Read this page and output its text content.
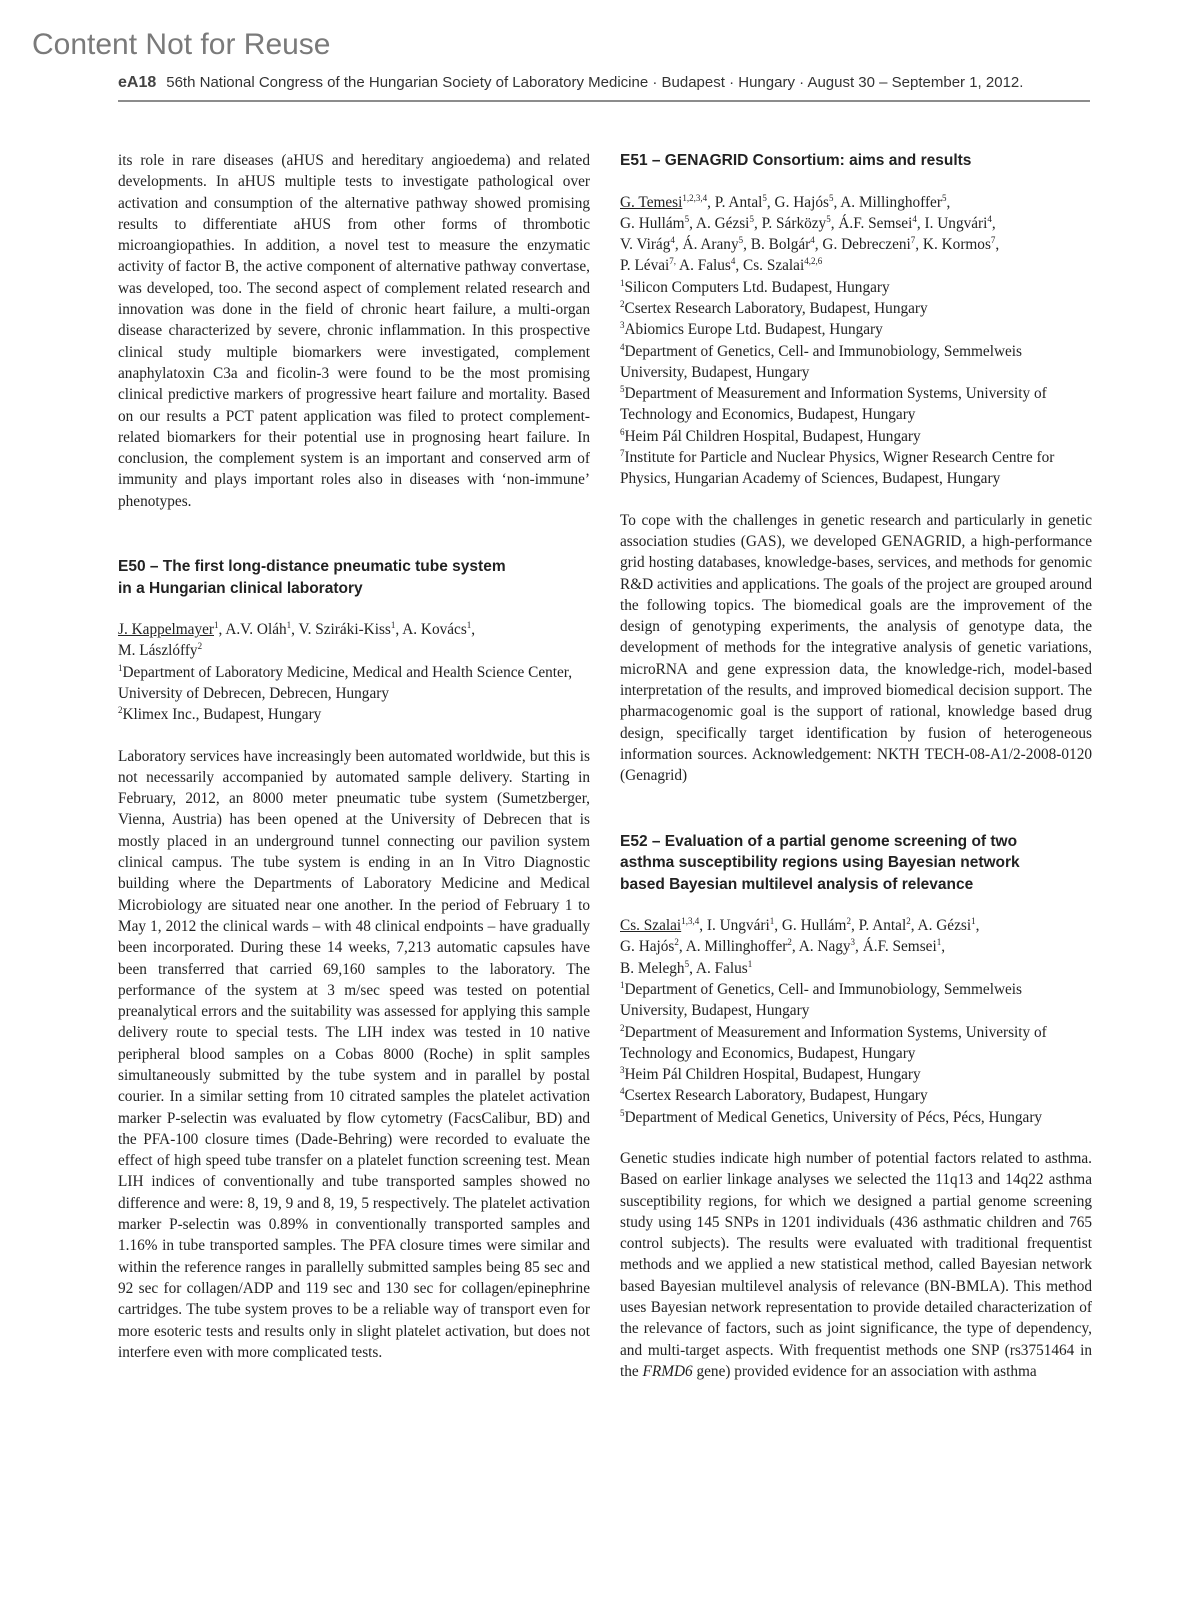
Content Not for Reuse
eA18 56th National Congress of the Hungarian Society of Laboratory Medicine · Budapest · Hungary · August 30 – September 1, 2012.

its role in rare diseases (aHUS and hereditary angioedema) and related developments. In aHUS multiple tests to investigate pathological over activation and consumption of the alternative pathway showed promising results to differentiate aHUS from other forms of thrombotic microangiopathies. In addition, a novel test to measure the enzymatic activity of factor B, the active component of alternative pathway convertase, was developed, too. The second aspect of complement related research and innovation was done in the field of chronic heart failure, a multi-organ disease characterized by severe, chronic inflammation. In this prospective clinical study multiple biomarkers were investigated, complement anaphylatoxin C3a and ficolin-3 were found to be the most promising clinical predictive markers of progressive heart failure and mortality. Based on our results a PCT patent application was filed to protect complement-related biomarkers for their potential use in prognosing heart failure. In conclusion, the complement system is an important and conserved arm of immunity and plays important roles also in diseases with ‘non-immune’ phenotypes.

E50 – The first long-distance pneumatic tube system
in a Hungarian clinical laboratory

J. Kappelmayer$^1$, A.V. Oláh$^1$, V. Sziráki-Kiss$^1$, A. Kovács$^1$,
M. Lászlóffy$^2$

$^1$Department of Laboratory Medicine, Medical and Health Science Center, University of Debrecen, Debrecen, Hungary
$^2$Klimex Inc., Budapest, Hungary

Laboratory services have increasingly been automated worldwide, but this is not necessarily accompanied by automated sample delivery. Starting in February, 2012, an 8000 meter pneumatic tube system (Sumetzberger, Vienna, Austria) has been opened at the University of Debrecen that is mostly placed in an underground tunnel connecting our pavilion system clinical campus. The tube system is ending in an In Vitro Diagnostic building where the Departments of Laboratory Medicine and Medical Microbiology are situated near one another. In the period of February 1 to May 1, 2012 the clinical wards – with 48 clinical endpoints – have gradually been incorporated. During these 14 weeks, 7,213 automatic capsules have been transferred that carried 69,160 samples to the laboratory. The performance of the system at 3 m/sec speed was tested on potential preanalytical errors and the suitability was assessed for applying this sample delivery route to special tests. The LIH index was tested in 10 native peripheral blood samples on a Cobas 8000 (Roche) in split samples simultaneously submitted by the tube system and in parallel by postal courier. In a similar setting from 10 citrated samples the platelet activation marker P-selectin was evaluated by flow cytometry (FacsCalibur, BD) and the PFA-100 closure times (Dade-Behring) were recorded to evaluate the effect of high speed tube transfer on a platelet function screening test. Mean LIH indices of conventionally and tube transported samples showed no difference and were: 8, 19, 9 and 8, 19, 5 respectively. The platelet activation marker P-selectin was 0.89% in conventionally transported samples and 1.16% in tube transported samples. The PFA closure times were similar and within the reference ranges in parallelly submitted samples being 85 sec and 92 sec for collagen/ADP and 119 sec and 130 sec for collagen/epinephrine cartridges. The tube system proves to be a reliable way of transport even for more esoteric tests and results only in slight platelet activation, but does not interfere even with more complicated tests.

E51 – GENAGRID Consortium: aims and results

G. Temesi$^{1,2,3,4}$, P. Antal$^5$, G. Hajós$^5$, A. Millinghoffer$^5$,
G. Hullám$^5$, A. Gézsi$^5$, P. Sárközy$^5$, Á.F. Semsei$^4$, I. Ungvári$^4$,
V. Virág$^4$, Á. Arany$^5$, B. Bolgár$^4$, G. Debreczeni$^7$, K. Kormos$^7$,
P. Lévai$^{7,}$ A. Falus$^4$, Cs. Szalai$^{4,2,6}$

$^1$Silicon Computers Ltd. Budapest, Hungary
$^2$Csertex Research Laboratory, Budapest, Hungary
$^3$Abiomics Europe Ltd. Budapest, Hungary
$^4$Department of Genetics, Cell- and Immunobiology, Semmelweis University, Budapest, Hungary
$^5$Department of Measurement and Information Systems, University of Technology and Economics, Budapest, Hungary
$^6$Heim Pál Children Hospital, Budapest, Hungary
$^7$Institute for Particle and Nuclear Physics, Wigner Research Centre for Physics, Hungarian Academy of Sciences, Budapest, Hungary

To cope with the challenges in genetic research and particularly in genetic association studies (GAS), we developed GENAGRID, a high-performance grid hosting databases, knowledge-bases, services, and methods for genomic R&D activities and applications. The goals of the project are grouped around the following topics. The biomedical goals are the improvement of the design of genotyping experiments, the analysis of genotype data, the development of methods for the integrative analysis of genetic variations, microRNA and gene expression data, the knowledge-rich, model-based interpretation of the results, and improved biomedical decision support. The pharmacogenomic goal is the support of rational, knowledge based drug design, specifically target identification by fusion of heterogeneous information sources. Acknowledgement: NKTH TECH-08-A1/2-2008-0120 (Genagrid)

E52 – Evaluation of a partial genome screening of two
asthma susceptibility regions using Bayesian network
based Bayesian multilevel analysis of relevance

Cs. Szalai$^{1,3,4}$, I. Ungvári$^1$, G. Hullám$^2$, P. Antal$^2$, A. Gézsi$^1$,
G. Hajós$^2$, A. Millinghoffer$^2$, A. Nagy$^3$, Á.F. Semsei$^1$,
B. Melegh$^5$, A. Falus$^1$

$^1$Department of Genetics, Cell- and Immunobiology, Semmelweis University, Budapest, Hungary
$^2$Department of Measurement and Information Systems, University of Technology and Economics, Budapest, Hungary
$^3$Heim Pál Children Hospital, Budapest, Hungary
$^4$Csertex Research Laboratory, Budapest, Hungary
$^5$Department of Medical Genetics, University of Pécs, Pécs, Hungary

Genetic studies indicate high number of potential factors related to asthma. Based on earlier linkage analyses we selected the 11q13 and 14q22 asthma susceptibility regions, for which we designed a partial genome screening study using 145 SNPs in 1201 individuals (436 asthmatic children and 765 control subjects). The results were evaluated with traditional frequentist methods and we applied a new statistical method, called Bayesian network based Bayesian multilevel analysis of relevance (BN-BMLA). This method uses Bayesian network representation to provide detailed characterization of the relevance of factors, such as joint significance, the type of dependency, and multi-target aspects. With frequentist methods one SNP (rs3751464 in the FRMD6 gene) provided evidence for an association with asthma
